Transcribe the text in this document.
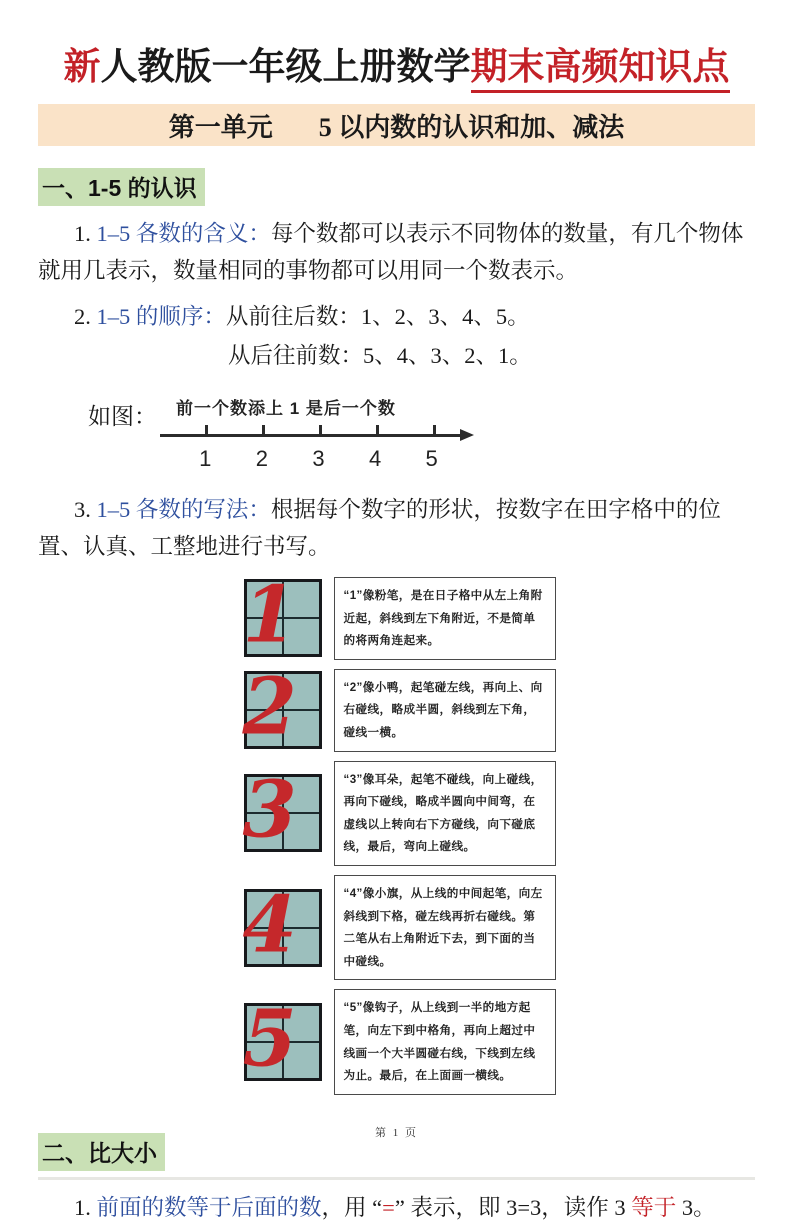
新人教版一年级上册数学期末高频知识点
第一单元 5 以内数的认识和加、减法
一、1-5 的认识
1. 1–5 各数的含义：每个数都可以表示不同物体的数量，有几个物体就用几表示，数量相同的事物都可以用同一个数表示。
2. 1–5 的顺序：从前往后数：1、2、3、4、5。
从后往前数：5、4、3、2、1。
如图： 前一个数添上 1 是后一个数
1	2	3	4	5
3. 1–5 各数的写法：根据每个数字的形状，按数字在田字格中的位置、认真、工整地进行书写。
1	“1”像粉笔，是在日子格中从左上角附近起，斜线到左下角附近，不是简单的将两角连起来。
2	“2”像小鸭，起笔碰左线，再向上、向右碰线，略成半圆，斜线到左下角，碰线一横。
3	“3”像耳朵，起笔不碰线，向上碰线，再向下碰线，略成半圆向中间弯，在虚线以上转向右下方碰线，向下碰底线，最后，弯向上碰线。
4	“4”像小旗，从上线的中间起笔，向左斜线到下格，碰左线再折右碰线。第二笔从右上角附近下去，到下面的当中碰线。
5	“5”像钩子，从上线到一半的地方起笔，向左下到中格角，再向上超过中线画一个大半圆碰右线，下线到左线为止。最后，在上面画一横线。
二、比大小
1. 前面的数等于后面的数，用 “=” 表示，即 3=3，读作 3 等于 3。
第 1 页
